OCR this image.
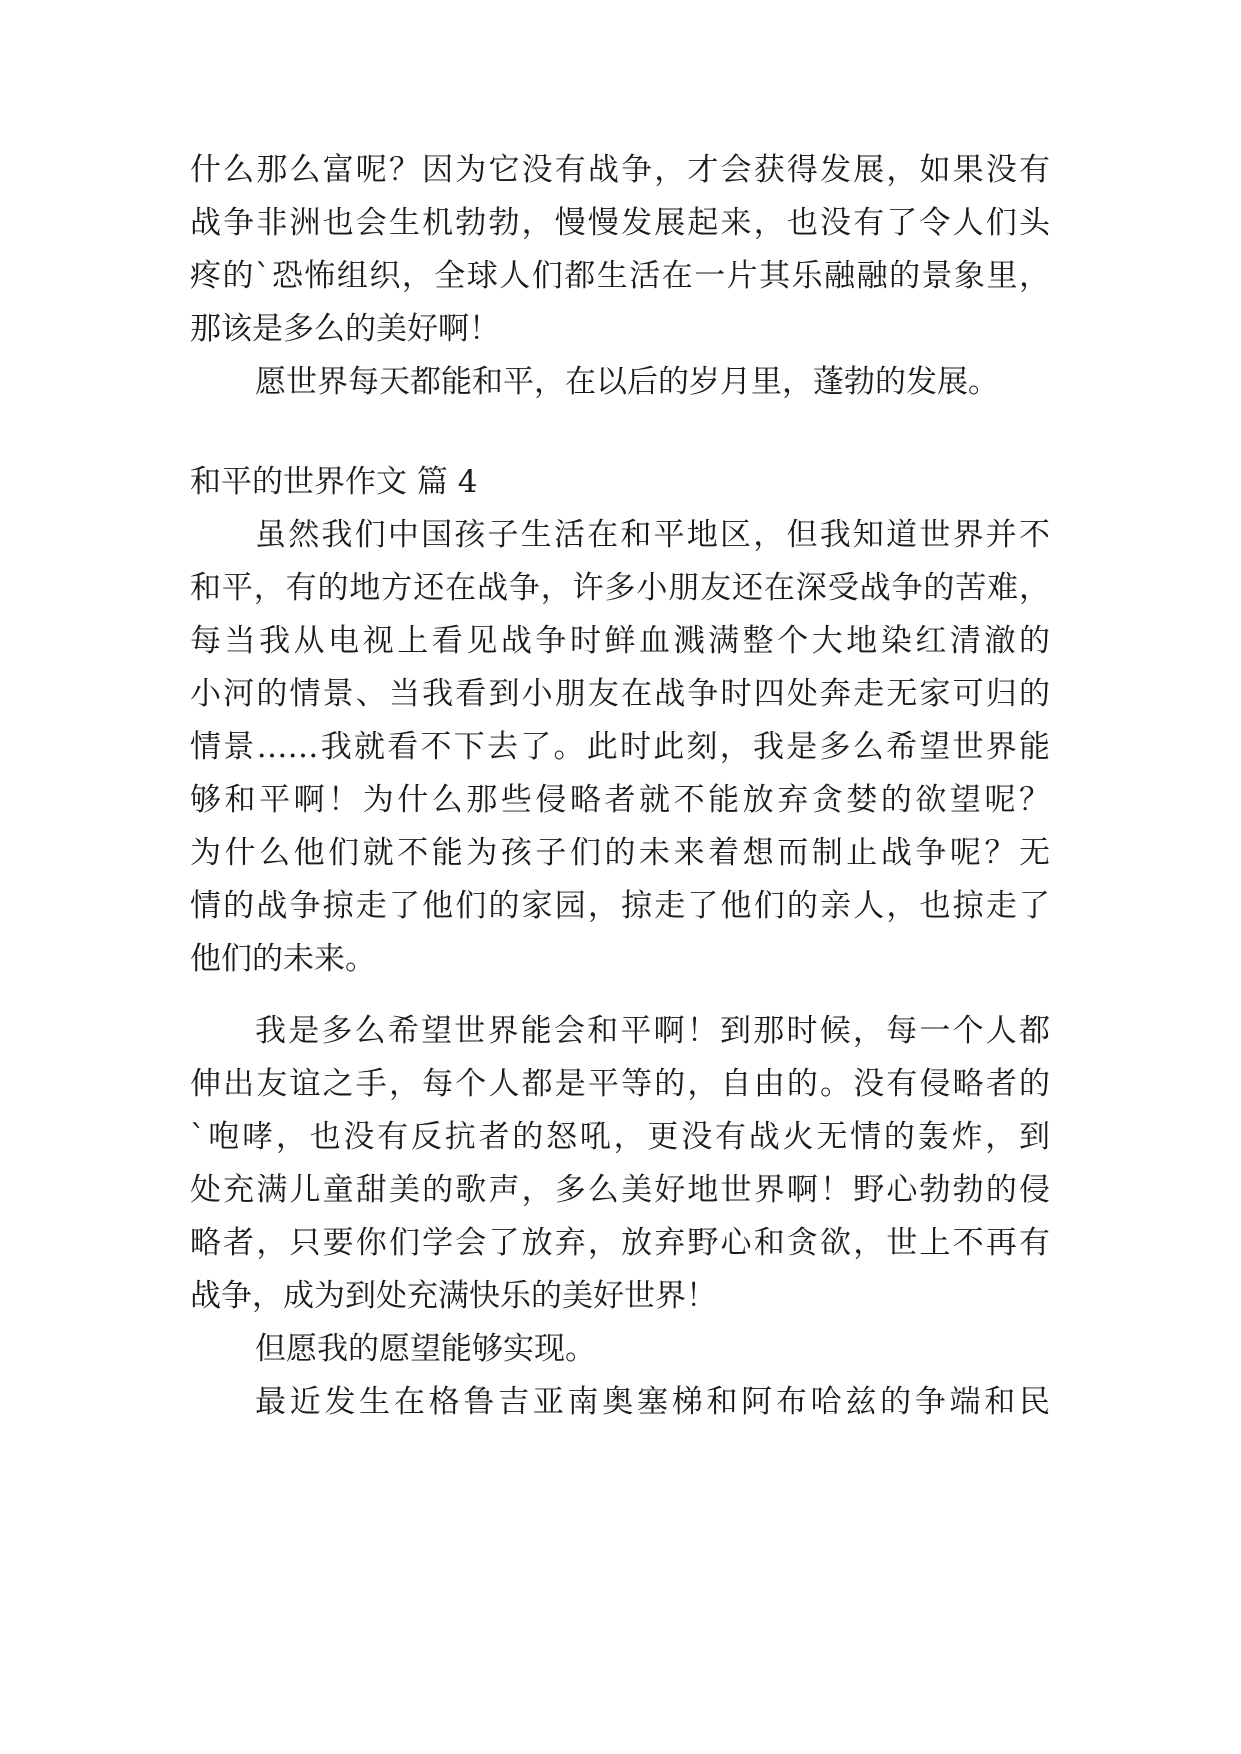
什么那么富呢？因为它没有战争，才会获得发展，如果没有
战争非洲也会生机勃勃，慢慢发展起来，也没有了令人们头
疼的`恐怖组织，全球人们都生活在一片其乐融融的景象里，
那该是多么的美好啊！
愿世界每天都能和平，在以后的岁月里，蓬勃的发展。
和平的世界作文 篇 4
虽然我们中国孩子生活在和平地区，但我知道世界并不
和平，有的地方还在战争，许多小朋友还在深受战争的苦难，
每当我从电视上看见战争时鲜血溅满整个大地染红清澈的
小河的情景、当我看到小朋友在战争时四处奔走无家可归的
情景……我就看不下去了。此时此刻，我是多么希望世界能
够和平啊！为什么那些侵略者就不能放弃贪婪的欲望呢？
为什么他们就不能为孩子们的未来着想而制止战争呢？无
情的战争掠走了他们的家园，掠走了他们的亲人，也掠走了
他们的未来。
我是多么希望世界能会和平啊！到那时候，每一个人都
伸出友谊之手，每个人都是平等的，自由的。没有侵略者的
`咆哮，也没有反抗者的怒吼，更没有战火无情的轰炸，到
处充满儿童甜美的歌声，多么美好地世界啊！野心勃勃的侵
略者，只要你们学会了放弃，放弃野心和贪欲，世上不再有
战争，成为到处充满快乐的美好世界！
但愿我的愿望能够实现。
最近发生在格鲁吉亚南奥塞梯和阿布哈兹的争端和民
